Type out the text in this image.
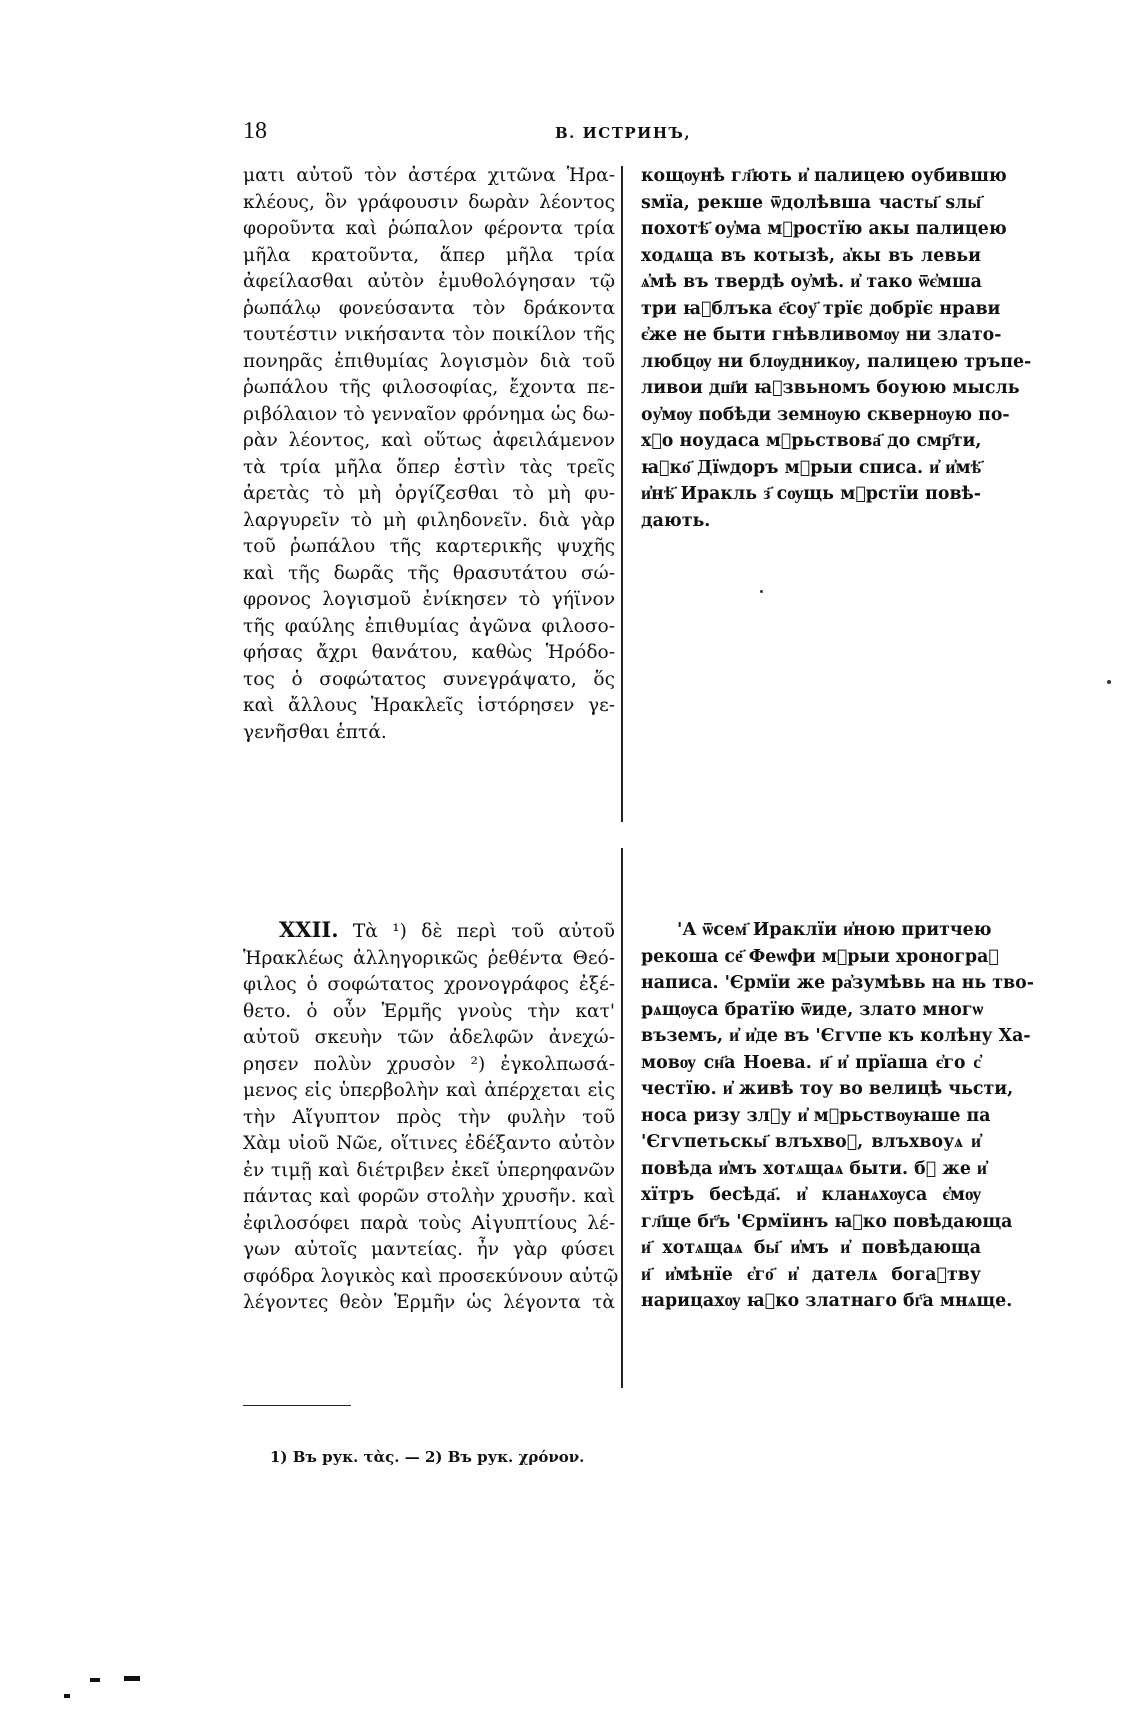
18	В. ИСТРИНЪ,
ματι αὐτοῦ τὸν ἀστέρα χιτῶνα Ἡρα-
κλέους, ὃν γράφουσιν δωρὰν λέοντος
φοροῦντα καὶ ῥώπαλον φέροντα τρία
μῆλα κρατοῦντα, ἅπερ μῆλα τρία
ἀφείλασθαι αὐτὸν ἐμυθολόγησαν τῷ
ῥωπάλῳ φονεύσαντα τὸν δράκοντα
τουτέστιν νικήσαντα τὸν ποικίλον τῆς
πονηρᾶς ἐπιθυμίας λογισμὸν διὰ τοῦ
ῥωπάλου τῆς φιλοσοφίας, ἔχοντα πε-
ριβόλαιον τὸ γενναῖον φρόνημα ὡς δω-
ρὰν λέοντος, καὶ οὕτως ἀφειλάμενον
τὰ τρία μῆλα ὅπερ ἐστὶν τὰς τρεῖς
ἀρετὰς τὸ μὴ ὀργίζεσθαι τὸ μὴ φυ-
λαργυρεῖν τὸ μὴ φιληδονεῖν. διὰ γὰρ
τοῦ ῥωπάλου τῆς καρτερικῆς ψυχῆς
καὶ τῆς δωρᾶς τῆς θρασυτάτου σώ-
φρονος λογισμοῦ ἐνίκησεν τὸ γήϊνον
τῆς φαύλης ἐπιθυμίας ἀγῶνα φιλοσο-
φήσας ἄχρι θανάτου, καθὼς Ἡρόδο-
τος ὁ σοφώτατος συνεγράψατο, ὅς
καὶ ἄλλους Ἡρακλεῖς ἱστόρησεν γε-
γενῆσθαι ἑπτά.
кощѹнѣ гл҃ють и҆ палицею оубившю
ѕмїа, рекше ѿдолѣвша часты҃ ѕлы҃
похотѣ҃ оу҆ма мⷣростїю акы палицею
ходѧща въ котызѣ, а҆кы въ левьи
ѧ҆мѣ въ твердѣ оу҆мѣ. и҆ тако ѿє҆мша
три ꙗ҆блъка є҃соу҃ трїє добрїє нрави
є҆же не быти гнѣвливомѹ ни злато-
любцѹ ни блѹдникѹ, палицею тръпе-
ливои дш҃и ꙗ҆звьномъ боуюю мысль
оу҆мѹ побѣди земнѹю сквернѹю по-
хⷮо ноудаса мⷣрьствова҃ до смр҃ти,
ꙗ҆ко҃ Дїѡдоръ мⷣрыи списа. и҆ и҆мѣ҃
и҆нѣ҃ Иракль з҃ сѹщь мⷣрстїи повѣ-
дають.
XXII. Τὰ ¹) δὲ περὶ τοῦ αὐτοῦ
Ἡρακλέως ἀλληγορικῶς ῥεθέντα Θεό-
φιλος ὁ σοφώτατος χρονογράφος ἐξέ-
θετο. ὁ οὖν Ἑρμῆς γνοὺς τὴν κατ'
αὐτοῦ σκευὴν τῶν ἀδελφῶν ἀνεχώ-
ρησεν πολὺν χρυσὸν ²) ἐγκολπωσά-
μενος εἰς ὑπερβολὴν καὶ ἀπέρχεται εἰς
τὴν Αἴγυπτον πρὸς τὴν φυλὴν τοῦ
Χὰμ υἱοῦ Νῶε, οἵτινες ἐδέξαντο αὐτὸν
ἐν τιμῇ καὶ διέτριβεν ἐκεῖ ὑπερηφανῶν
πάντας καὶ φορῶν στολὴν χρυσῆν. καὶ
ἐφιλοσόφει παρὰ τοὺς Αἰγυπτίους λέ-
γων αὐτοῖς μαντείας. ἦν γὰρ φύσει
σφόδρα λογικὸς καὶ προσεκύνουν αὐτῷ
λέγοντες θεὸν Ἑρμῆν ὡς λέγοντα τὰ
'А ѿсем҃ Ираклїи и҆ною притчею
рекоша се҃ Феѡфи мⷣрыи хронограⷪ
написа. 'Єрмїи же ра҆зумѣвь на нь тво-
рѧщѹса братїю ѿиде, злато многѡ
въземъ, и҆ и҆де въ 'Єгѵпе къ колѣну Ха-
мовѹ сн҃а Ноева. и҃ и҆ прїаша є҆го с҆
честїю. и҆ живѣ тоу во велицѣ чьсти,
носа ризу злⷮу и҆ мⷣрьствѹꙗше па
'Єгѵпетьскы҃ влъхвоⷨ, влъхвоуѧ и҆
повѣда и҆мъ хотѧщаѧ быти. бⷭ же и҆
хїтръ бесѣда҃. и҆ кланѧхѹса є҆мѹ
гл҃ще бг҃ъ 'Єрмїинъ ꙗ҆ко повѣдающа
и҃ хотѧщаѧ бы҃ и҆мъ и҆ повѣдающа
и҃ и҆мѣнїе є҆го҃ и҆ дателѧ богаⷭтву
нарицахѹ ꙗ҆ко златнаго бг҃а мнѧще.
1) Въ рук. τὰς. — 2) Въ рук. χρόνον.
